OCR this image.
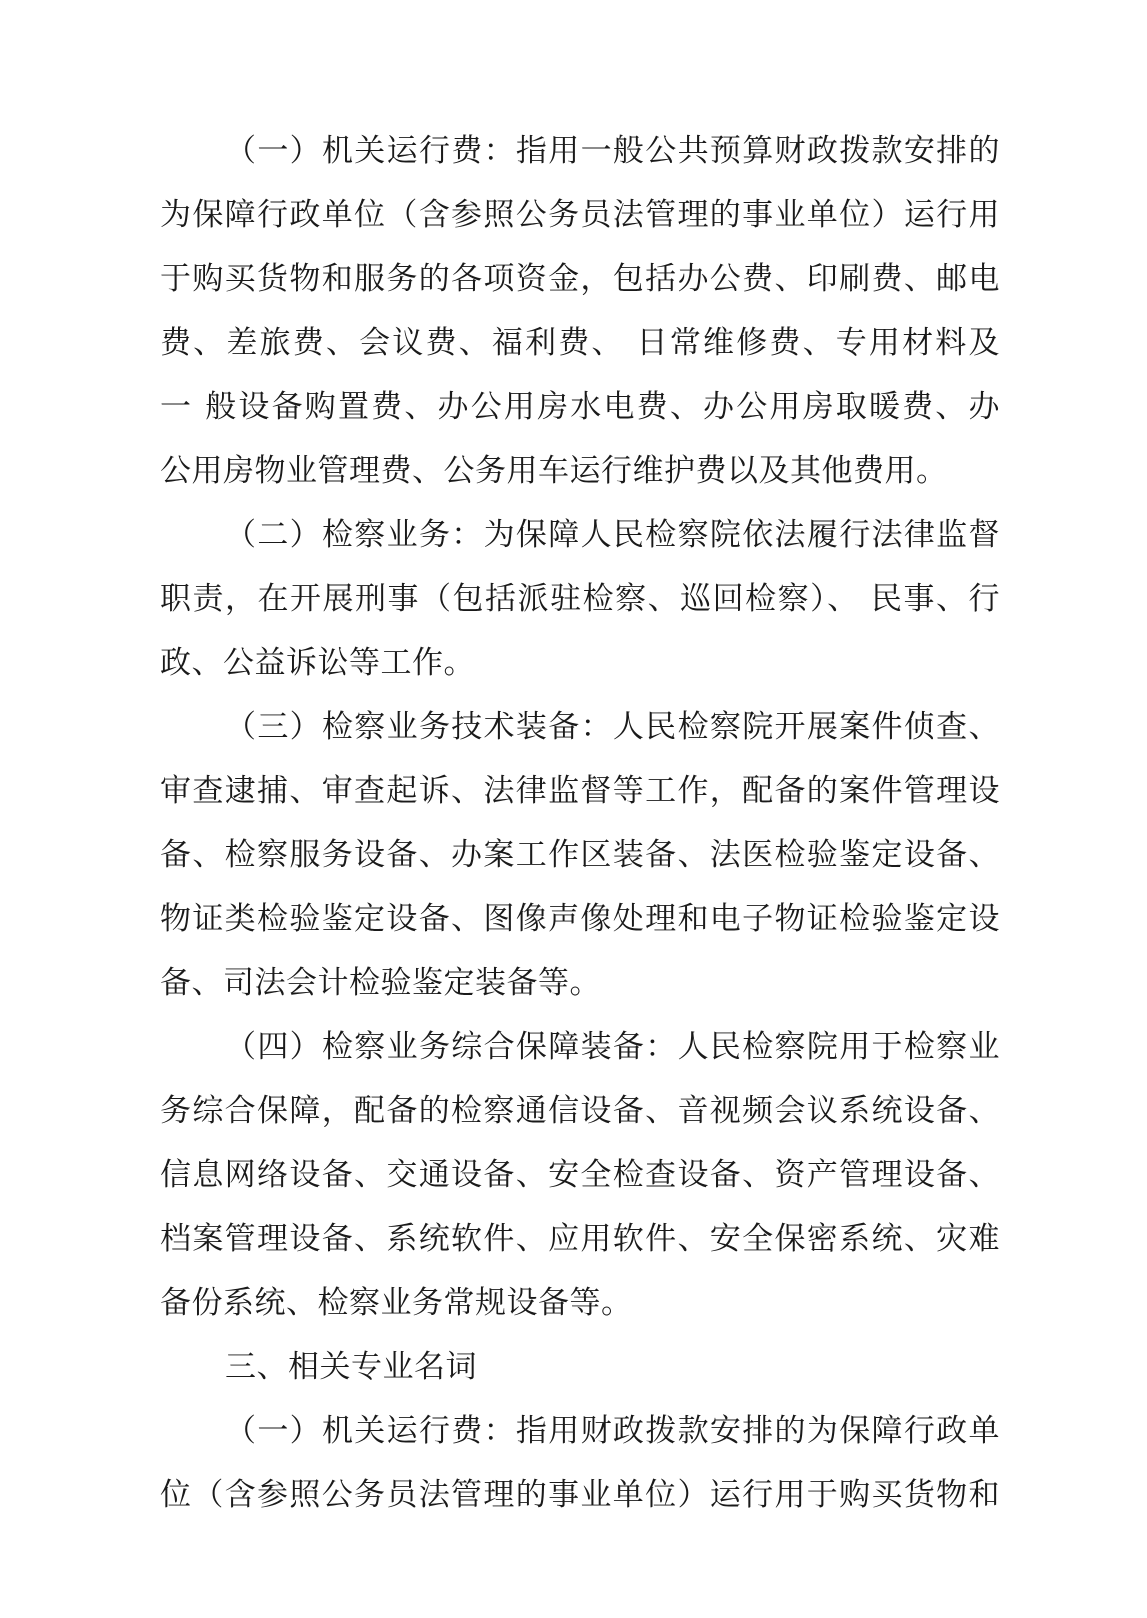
（一）机关运行费：指用一般公共预算财政拨款安排的
为保障行政单位（含参照公务员法管理的事业单位）运行用
于购买货物和服务的各项资金，包括办公费、印刷费、邮电
费、差旅费、会议费、福利费、 日常维修费、专用材料及
一 般设备购置费、办公用房水电费、办公用房取暖费、办
公用房物业管理费、公务用车运行维护费以及其他费用。
（二）检察业务：为保障人民检察院依法履行法律监督
职责，在开展刑事（包括派驻检察、巡回检察）、 民事、行
政、公益诉讼等工作。
（三）检察业务技术装备：人民检察院开展案件侦查、
审查逮捕、审查起诉、法律监督等工作，配备的案件管理设
备、检察服务设备、办案工作区装备、法医检验鉴定设备、
物证类检验鉴定设备、图像声像处理和电子物证检验鉴定设
备、司法会计检验鉴定装备等。
（四）检察业务综合保障装备：人民检察院用于检察业
务综合保障，配备的检察通信设备、音视频会议系统设备、
信息网络设备、交通设备、安全检查设备、资产管理设备、
档案管理设备、系统软件、应用软件、安全保密系统、灾难
备份系统、检察业务常规设备等。
三、相关专业名词
（一）机关运行费：指用财政拨款安排的为保障行政单
位（含参照公务员法管理的事业单位）运行用于购买货物和
